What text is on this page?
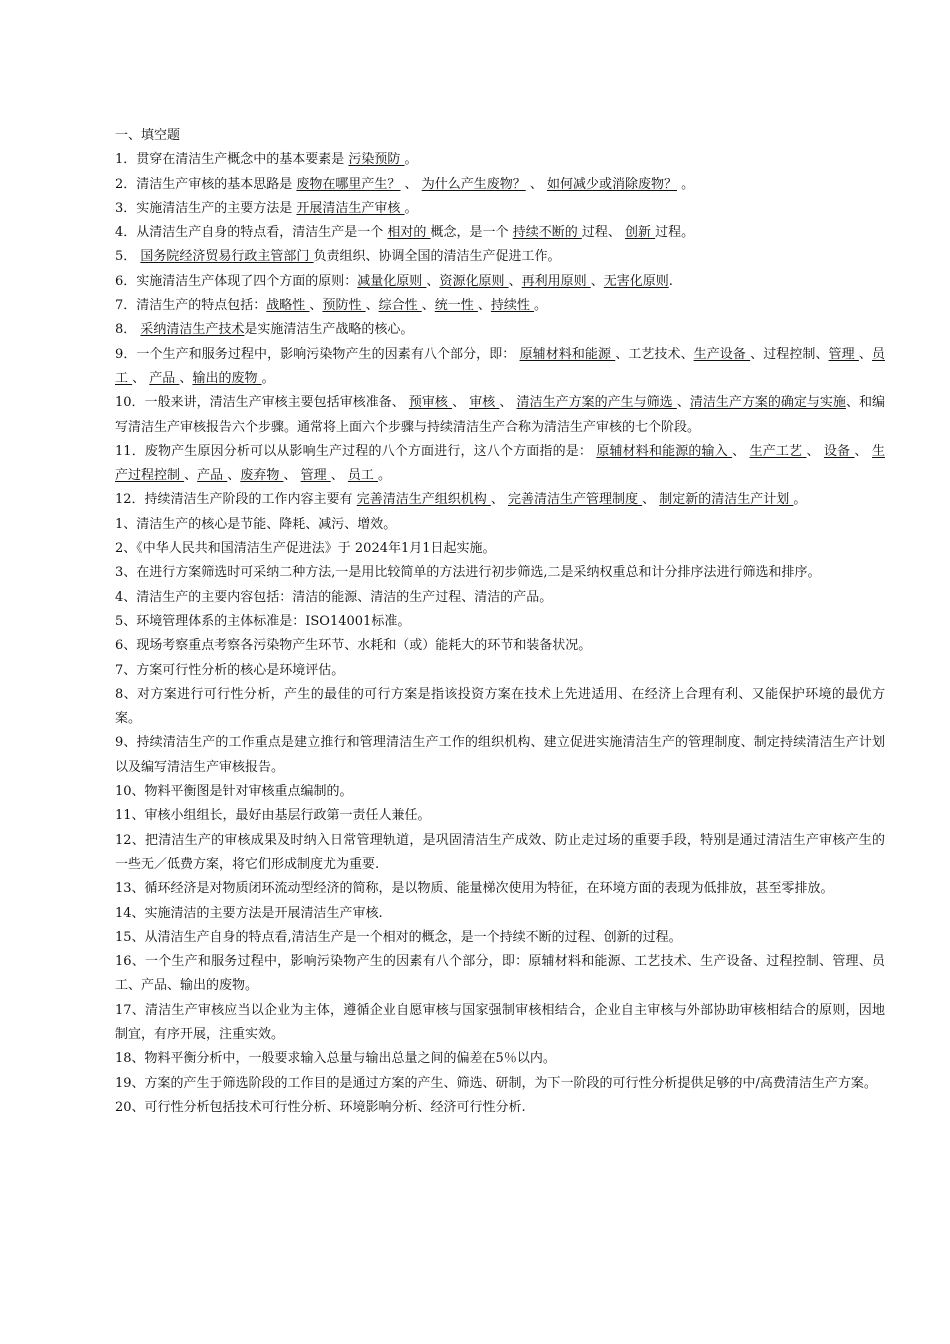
一、填空题

1．贯穿在清洁生产概念中的基本要素是 污染预防 。

2．清洁生产审核的基本思路是 废物在哪里产生？ 、 为什么产生废物？ 、 如何减少或消除废物？ 。

3．实施清洁生产的主要方法是 开展清洁生产审核 。

4．从清洁生产自身的特点看，清洁生产是一个 相对的 概念，是一个 持续不断的 过程、 创新 过程。

5． 国务院经济贸易行政主管部门 负责组织、协调全国的清洁生产促进工作。

6．实施清洁生产体现了四个方面的原则：减量化原则 、资源化原则 、再利用原则 、无害化原则.

7．清洁生产的特点包括：战略性 、预防性 、综合性 、统一性 、持续性 。

8． 采纳清洁生产技术是实施清洁生产战略的核心。

9．一个生产和服务过程中，影响污染物产生的因素有八个部分，即： 原辅材料和能源 、工艺技术、生产设备 、过程控制、管理 、员工 、 产品 、输出的废物 。

10．一般来讲，清洁生产审核主要包括审核准备、 预审核 、 审核 、 清洁生产方案的产生与筛选 、清洁生产方案的确定与实施、和编写清洁生产审核报告六个步骤。通常将上面六个步骤与持续清洁生产合称为清洁生产审核的七个阶段。

11．废物产生原因分析可以从影响生产过程的八个方面进行，这八个方面指的是： 原辅材料和能源的输入 、 生产工艺 、 设备 、 生产过程控制 、产品 、废弃物 、 管理 、 员工 。

12．持续清洁生产阶段的工作内容主要有 完善清洁生产组织机构 、 完善清洁生产管理制度 、 制定新的清洁生产计划 。

1、清洁生产的核心是节能、降耗、减污、增效。

2、《中华人民共和国清洁生产促进法》于 2024年1月1日起实施。

3、在进行方案筛选时可采纳二种方法,一是用比较简单的方法进行初步筛选,二是采纳权重总和计分排序法进行筛选和排序。

4、清洁生产的主要内容包括：清洁的能源、清洁的生产过程、清洁的产品。

5、环境管理体系的主体标准是：ISO14001标准。

6、现场考察重点考察各污染物产生环节、水耗和（或）能耗大的环节和装备状况。

7、方案可行性分析的核心是环境评估。

8、对方案进行可行性分析，产生的最佳的可行方案是指该投资方案在技术上先进适用、在经济上合理有利、又能保护环境的最优方案。

9、持续清洁生产的工作重点是建立推行和管理清洁生产工作的组织机构、建立促进实施清洁生产的管理制度、制定持续清洁生产计划以及编写清洁生产审核报告。

10、物料平衡图是针对审核重点编制的。

11、审核小组组长，最好由基层行政第一责任人兼任。

12、把清洁生产的审核成果及时纳入日常管理轨道，是巩固清洁生产成效、防止走过场的重要手段，特别是通过清洁生产审核产生的一些无／低费方案，将它们形成制度尤为重要.

13、循环经济是对物质闭环流动型经济的简称，是以物质、能量梯次使用为特征，在环境方面的表现为低排放，甚至零排放。

14、实施清洁的主要方法是开展清洁生产审核.

15、从清洁生产自身的特点看,清洁生产是一个相对的概念，是一个持续不断的过程、创新的过程。

16、一个生产和服务过程中，影响污染物产生的因素有八个部分，即：原辅材料和能源、工艺技术、生产设备、过程控制、管理、员工、产品、输出的废物。

17、清洁生产审核应当以企业为主体，遵循企业自愿审核与国家强制审核相结合，企业自主审核与外部协助审核相结合的原则，因地制宜，有序开展，注重实效。

18、物料平衡分析中，一般要求输入总量与输出总量之间的偏差在5％以内。

19、方案的产生于筛选阶段的工作目的是通过方案的产生、筛选、研制，为下一阶段的可行性分析提供足够的中/高费清洁生产方案。

20、可行性分析包括技术可行性分析、环境影响分析、经济可行性分析.
